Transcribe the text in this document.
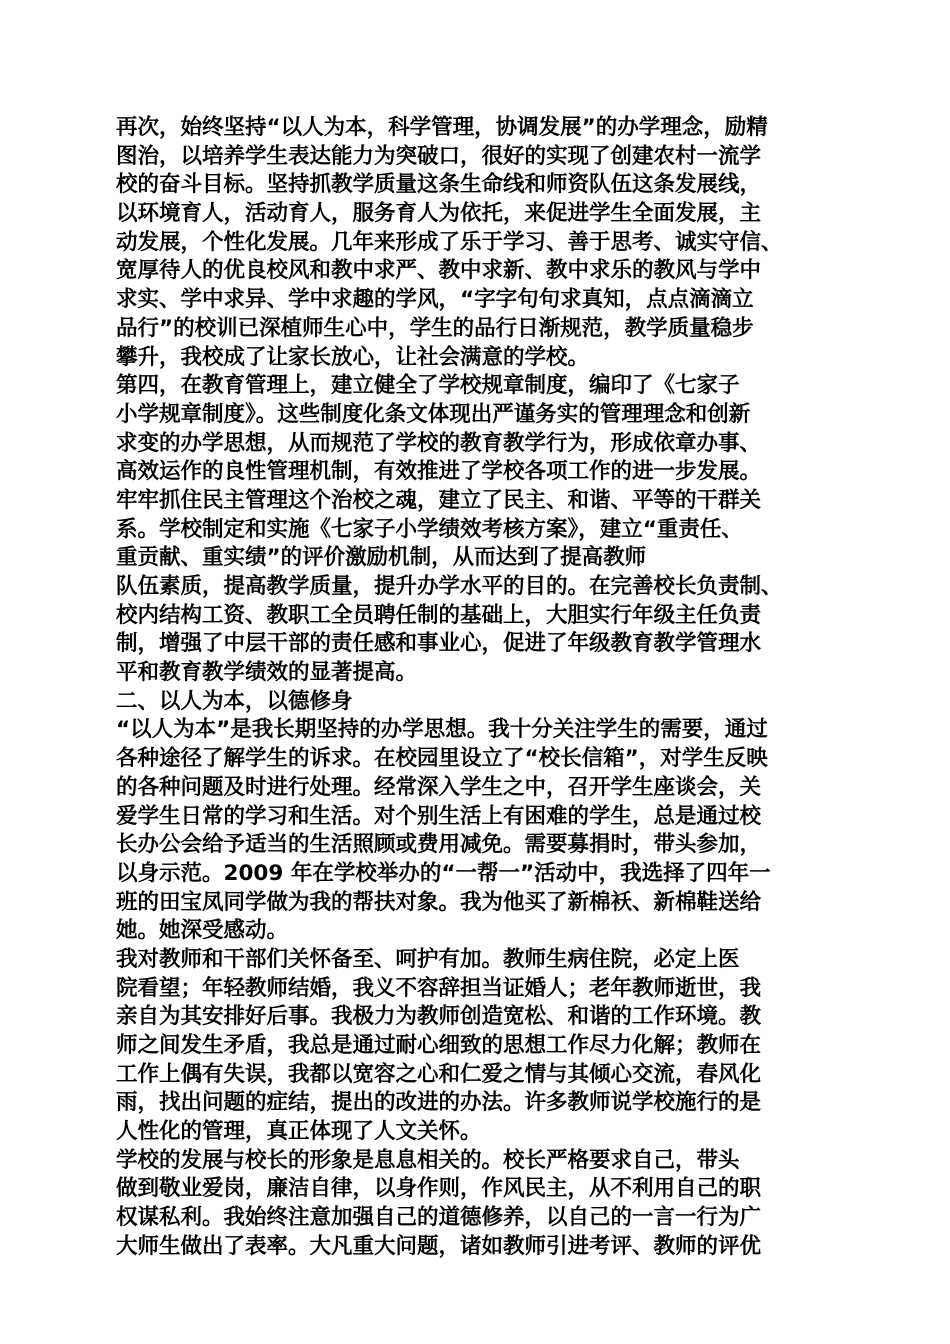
再次，始终坚持“以人为本，科学管理，协调发展”的办学理念，励精
图治，以培养学生表达能力为突破口，很好的实现了创建农村一流学
校的奋斗目标。坚持抓教学质量这条生命线和师资队伍这条发展线，
以环境育人，活动育人，服务育人为依托，来促进学生全面发展，主
动发展，个性化发展。几年来形成了乐于学习、善于思考、诚实守信、
宽厚待人的优良校风和教中求严、教中求新、教中求乐的教风与学中
求实、学中求异、学中求趣的学风，“字字句句求真知，点点滴滴立
品行”的校训已深植师生心中，学生的品行日渐规范，教学质量稳步
攀升，我校成了让家长放心，让社会满意的学校。
第四，在教育管理上，建立健全了学校规章制度，编印了《七家子
小学规章制度》。这些制度化条文体现出严谨务实的管理理念和创新
求变的办学思想，从而规范了学校的教育教学行为，形成依章办事、
高效运作的良性管理机制，有效推进了学校各项工作的进一步发展。
牢牢抓住民主管理这个治校之魂，建立了民主、和谐、平等的干群关
系。学校制定和实施《七家子小学绩效考核方案》，建立“重责任、
重贡献、重实绩”的评价激励机制，从而达到了提高教师
队伍素质，提高教学质量，提升办学水平的目的。在完善校长负责制、
校内结构工资、教职工全员聘任制的基础上，大胆实行年级主任负责
制，增强了中层干部的责任感和事业心，促进了年级教育教学管理水
平和教育教学绩效的显著提高。
二、以人为本，以德修身
“以人为本”是我长期坚持的办学思想。我十分关注学生的需要，通过
各种途径了解学生的诉求。在校园里设立了“校长信箱”，对学生反映
的各种问题及时进行处理。经常深入学生之中，召开学生座谈会，关
爱学生日常的学习和生活。对个别生活上有困难的学生，总是通过校
长办公会给予适当的生活照顾或费用减免。需要募捐时，带头参加，
以身示范。2009 年在学校举办的“一帮一”活动中，我选择了四年一
班的田宝凤同学做为我的帮扶对象。我为他买了新棉袄、新棉鞋送给
她。她深受感动。
我对教师和干部们关怀备至、呵护有加。教师生病住院，必定上医
院看望；年轻教师结婚，我义不容辞担当证婚人；老年教师逝世，我
亲自为其安排好后事。我极力为教师创造宽松、和谐的工作环境。教
师之间发生矛盾，我总是通过耐心细致的思想工作尽力化解；教师在
工作上偶有失误，我都以宽容之心和仁爱之情与其倾心交流，春风化
雨，找出问题的症结，提出的改进的办法。许多教师说学校施行的是
人性化的管理，真正体现了人文关怀。
学校的发展与校长的形象是息息相关的。校长严格要求自己，带头
做到敬业爱岗，廉洁自律，以身作则，作风民主，从不利用自己的职
权谋私利。我始终注意加强自己的道德修养，以自己的一言一行为广
大师生做出了表率。大凡重大问题，诸如教师引进考评、教师的评优
